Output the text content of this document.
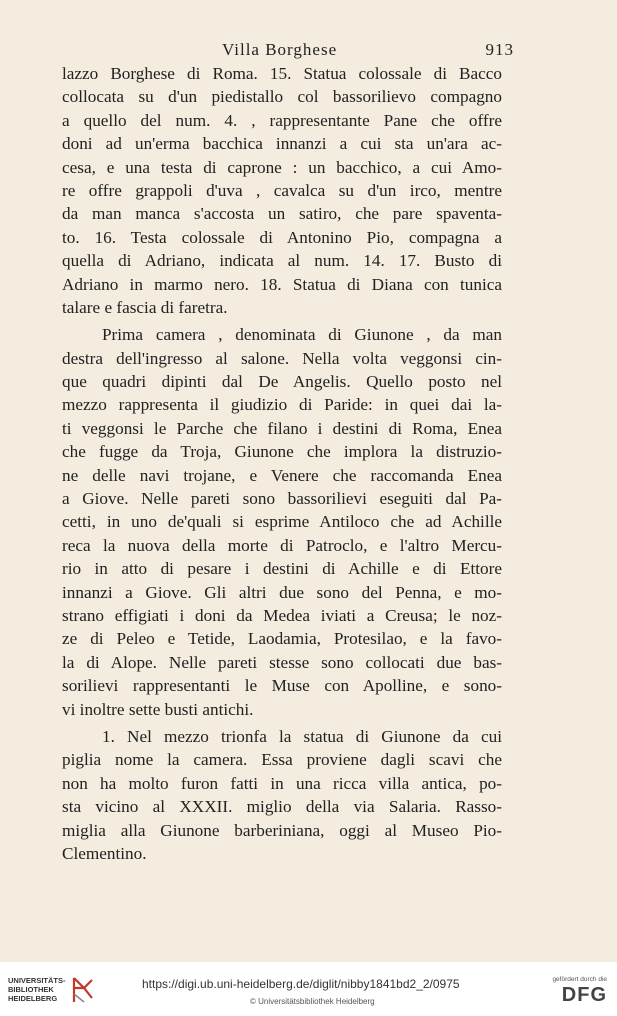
Villa Borghese	913
lazzo Borghese di Roma. 15. Statua colossale di Bacco
collocata su d'un piedistallo col bassorilievo compagno
a quello del num. 4. , rappresentante Pane che offre
doni ad un'erma bacchica innanzi a cui sta un'ara ac-
cesa, e una testa di caprone : un bacchico, a cui Amo-
re offre grappoli d'uva , cavalca su d'un irco, mentre
da man manca s'accosta un satiro, che pare spaventa-
to. 16. Testa colossale di Antonino Pio, compagna a
quella di Adriano, indicata al num. 14. 17. Busto di
Adriano in marmo nero. 18. Statua di Diana con tunica
talare e fascia di faretra.
Prima camera , denominata di Giunone , da man
destra dell'ingresso al salone. Nella volta veggonsi cin-
que quadri dipinti dal De Angelis. Quello posto nel
mezzo rappresenta il giudizio di Paride: in quei dai la-
ti veggonsi le Parche che filano i destini di Roma, Enea
che fugge da Troja, Giunone che implora la distruzio-
ne delle navi trojane, e Venere che raccomanda Enea
a Giove. Nelle pareti sono bassorilievi eseguiti dal Pa-
cetti, in uno de'quali si esprime Antiloco che ad Achille
reca la nuova della morte di Patroclo, e l'altro Mercu-
rio in atto di pesare i destini di Achille e di Ettore
innanzi a Giove. Gli altri due sono del Penna, e mo-
strano effigiati i doni da Medea iviati a Creusa; le noz-
ze di Peleo e Tetide, Laodamia, Protesilao, e la favo-
la di Alope. Nelle pareti stesse sono collocati due bas-
sorilievi rappresentanti le Muse con Apolline, e sono-
vi inoltre sette busti antichi.
1. Nel mezzo trionfa la statua di Giunone da cui
piglia nome la camera. Essa proviene dagli scavi che
non ha molto furon fatti in una ricca villa antica, po-
sta vicino al XXXII. miglio della via Salaria. Rasso-
miglia alla Giunone barberiniana, oggi al Museo Pio-
Clementino.
UNIVERSITÄTS-
BIBLIOTHEK
HEIDELBERG
https://digi.ub.uni-heidelberg.de/diglit/nibby1841bd2_2/0975
© Universitätsbibliothek Heidelberg
gefördert durch die
DFG
